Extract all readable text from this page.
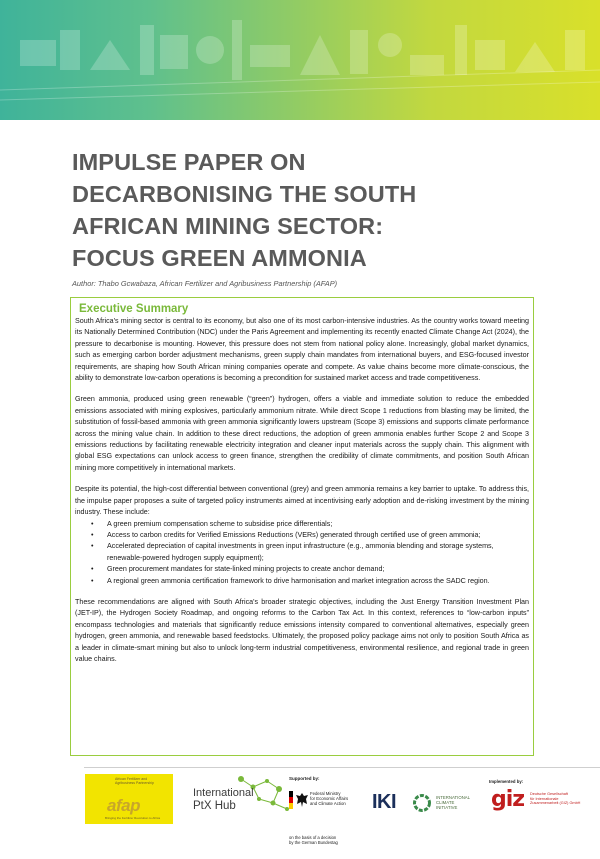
IMPULSE PAPER ON
DECARBONISING THE SOUTH
AFRICAN MINING SECTOR:
FOCUS GREEN AMMONIA
Author: Thabo Gcwabaza, African Fertilizer and Agribusiness Partnership (AFAP)
Executive Summary

South Africa's mining sector is central to its economy, but also one of its most carbon-intensive industries. As the country works toward meeting its Nationally Determined Contribution (NDC) under the Paris Agreement and implementing its recently enacted Climate Change Act (2024), the pressure to decarbonise is mounting. However, this pressure does not stem from national policy alone. Increasingly, global market dynamics, such as emerging carbon border adjustment mechanisms, green supply chain mandates from international buyers, and ESG-focused investor requirements, are shaping how South African mining companies operate and compete. As value chains become more climate-conscious, the ability to demonstrate low-carbon operations is becoming a precondition for sustained market access and trade competitiveness.

Green ammonia, produced using green renewable (“green”) hydrogen, offers a viable and immediate solution to reduce the embedded emissions associated with mining explosives, particularly ammonium nitrate. While direct Scope 1 reductions from blasting may be limited, the substitution of fossil-based ammonia with green ammonia significantly lowers upstream (Scope 3) emissions and supports climate performance across the mining value chain. In addition to these direct reductions, the adoption of green ammonia enables further Scope 2 and Scope 3 emissions reductions by facilitating renewable electricity integration and cleaner input materials across the supply chain. This alignment with global ESG expectations can unlock access to green finance, strengthen the credibility of climate commitments, and position South African mining more competitively in international markets.

Despite its potential, the high-cost differential between conventional (grey) and green ammonia remains a key barrier to uptake. To address this, the impulse paper proposes a suite of targeted policy instruments aimed at incentivising early adoption and de-risking investment by the mining industry. These include:

• A green premium compensation scheme to subsidise price differentials;
• Access to carbon credits for Verified Emissions Reductions (VERs) generated through certified use of green ammonia;
• Accelerated depreciation of capital investments in green input infrastructure (e.g., ammonia blending and storage systems, renewable-powered hydrogen supply equipment);
• Green procurement mandates for state-linked mining projects to create anchor demand;
• A regional green ammonia certification framework to drive harmonisation and market integration across the SADC region.

These recommendations are aligned with South Africa's broader strategic objectives, including the Just Energy Transition Investment Plan (JET-IP), the Hydrogen Society Roadmap, and ongoing reforms to the Carbon Tax Act. In this context, references to “low-carbon inputs” encompass technologies and materials that significantly reduce emissions intensity compared to conventional alternatives, especially green hydrogen, green ammonia, and renewable based feedstocks. Ultimately, the proposed policy package aims not only to position South Africa as a leader in climate-smart mining but also to unlock long-term industrial competitiveness, environmental resilience, and regional trade in green value chains.

African Fertilizer and
Agribusiness Partnership
afap
Bringing the Fertilizer Revolution to Africa
International
PtX Hub
Supported by:
Federal Ministry
for Economic Affairs
and Climate Action
on the basis of a decision
by the German Bundestag
IKI	INTERNATIONAL
CLIMATE
INITIATIVE
Implemented by:
giz Deutsche Gesellschaft
für Internationale
Zusammenarbeit (GIZ) GmbH
